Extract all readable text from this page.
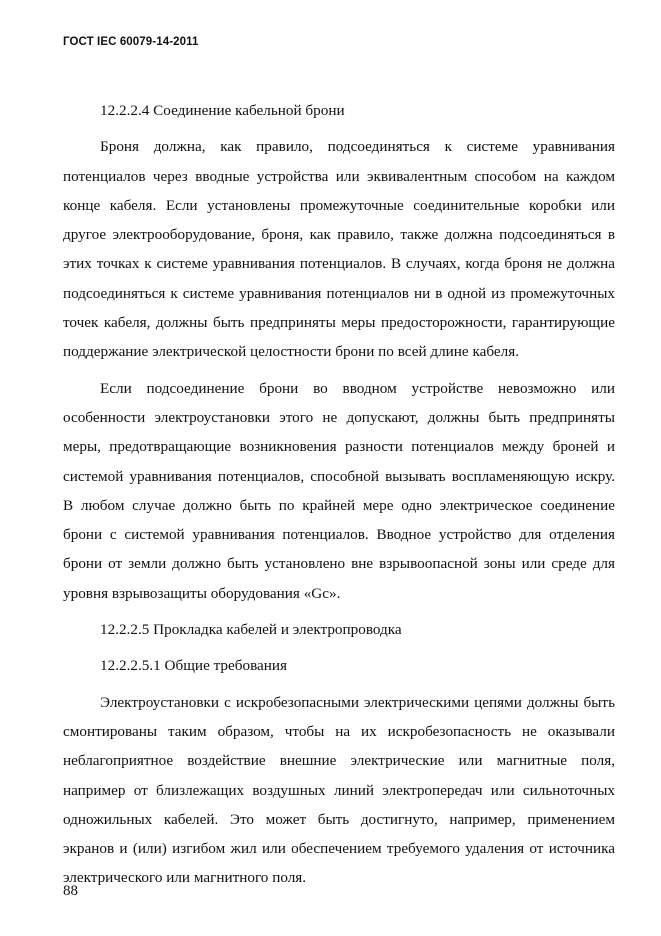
ГОСТ IEC 60079-14-2011

12.2.2.4 Соединение кабельной брони

Броня должна, как правило, подсоединяться к системе уравнивания потенциалов через вводные устройства или эквивалентным способом на каждом конце кабеля. Если установлены промежуточные соединительные коробки или другое электрооборудование, броня, как правило, также должна подсоединяться в этих точках к системе уравнивания потенциалов. В случаях, когда броня не должна подсоединяться к системе уравнивания потенциалов ни в одной из промежуточных точек кабеля, должны быть предприняты меры предосторожности, гарантирующие поддержание электрической целостности брони по всей длине кабеля.

Если подсоединение брони во вводном устройстве невозможно или особенности электроустановки этого не допускают, должны быть предприняты меры, предотвращающие возникновения разности потенциалов между броней и системой уравнивания потенциалов, способной вызывать воспламеняющую искру. В любом случае должно быть по крайней мере одно электрическое соединение брони с системой уравнивания потенциалов. Вводное устройство для отделения брони от земли должно быть установлено вне взрывоопасной зоны или среде для уровня взрывозащиты оборудования «Gc».

12.2.2.5 Прокладка кабелей и электропроводка

12.2.2.5.1 Общие требования

Электроустановки с искробезопасными электрическими цепями должны быть смонтированы таким образом, чтобы на их искробезопасность не оказывали неблагоприятное воздействие внешние электрические или магнитные поля, например от близлежащих воздушных линий электропередач или сильноточных одножильных кабелей. Это может быть достигнуто, например, применением экранов и (или) изгибом жил или обеспечением требуемого удаления от источника электрического или магнитного поля.

88
